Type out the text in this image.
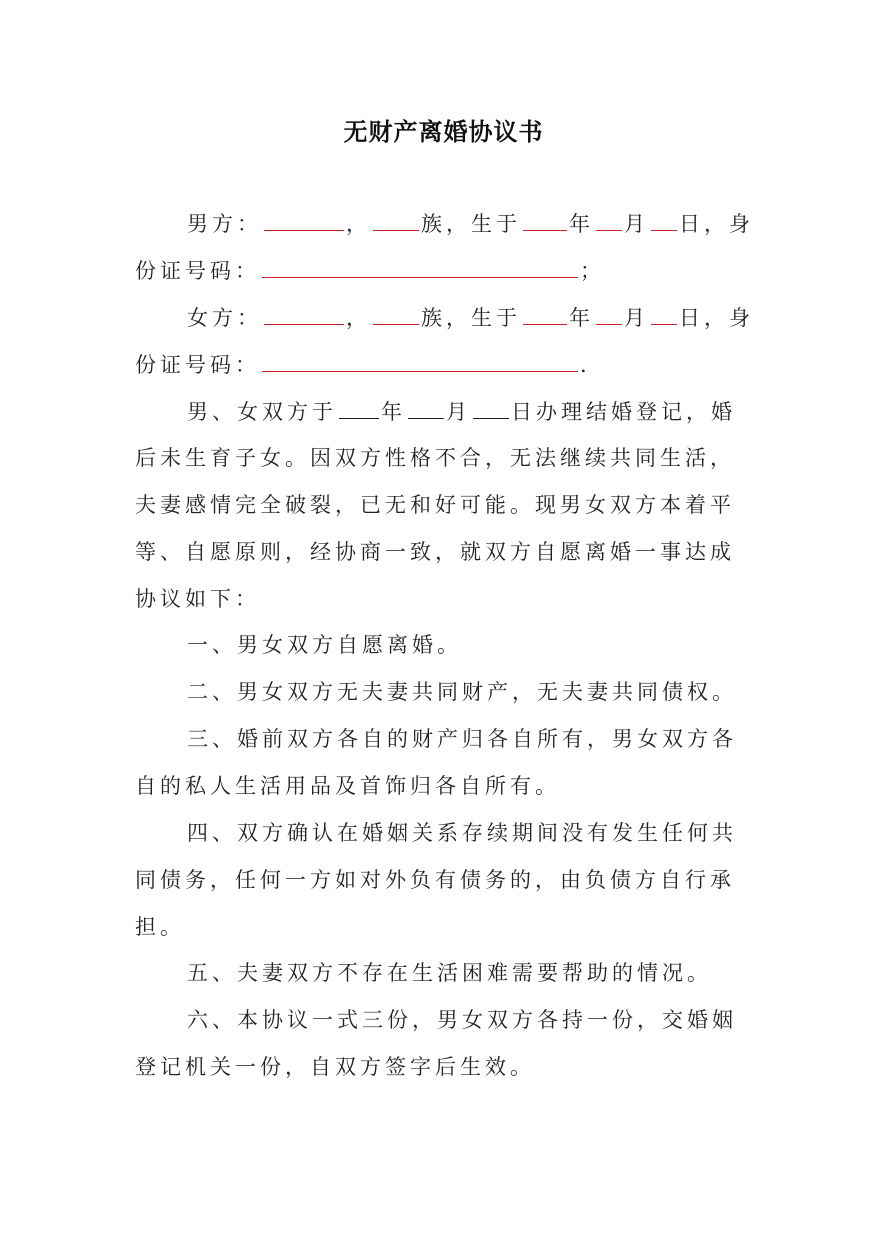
无财产离婚协议书
男方：	， 族，生于 年 月 日，身
份证号码：	；
女方：	， 族，生于 年 月 日，身
份证号码：	.
男、女双方于 年 月 日办理结婚登记，婚
后未生育子女。因双方性格不合，无法继续共同生活，
夫妻感情完全破裂，已无和好可能。现男女双方本着平
等、自愿原则，经协商一致，就双方自愿离婚一事达成
协议如下：
一、男女双方自愿离婚。
二、男女双方无夫妻共同财产，无夫妻共同债权。
三、婚前双方各自的财产归各自所有，男女双方各
自的私人生活用品及首饰归各自所有。
四、双方确认在婚姻关系存续期间没有发生任何共
同债务，任何一方如对外负有债务的，由负债方自行承
担。
五、夫妻双方不存在生活困难需要帮助的情况。
六、本协议一式三份，男女双方各持一份，交婚姻
登记机关一份，自双方签字后生效。
